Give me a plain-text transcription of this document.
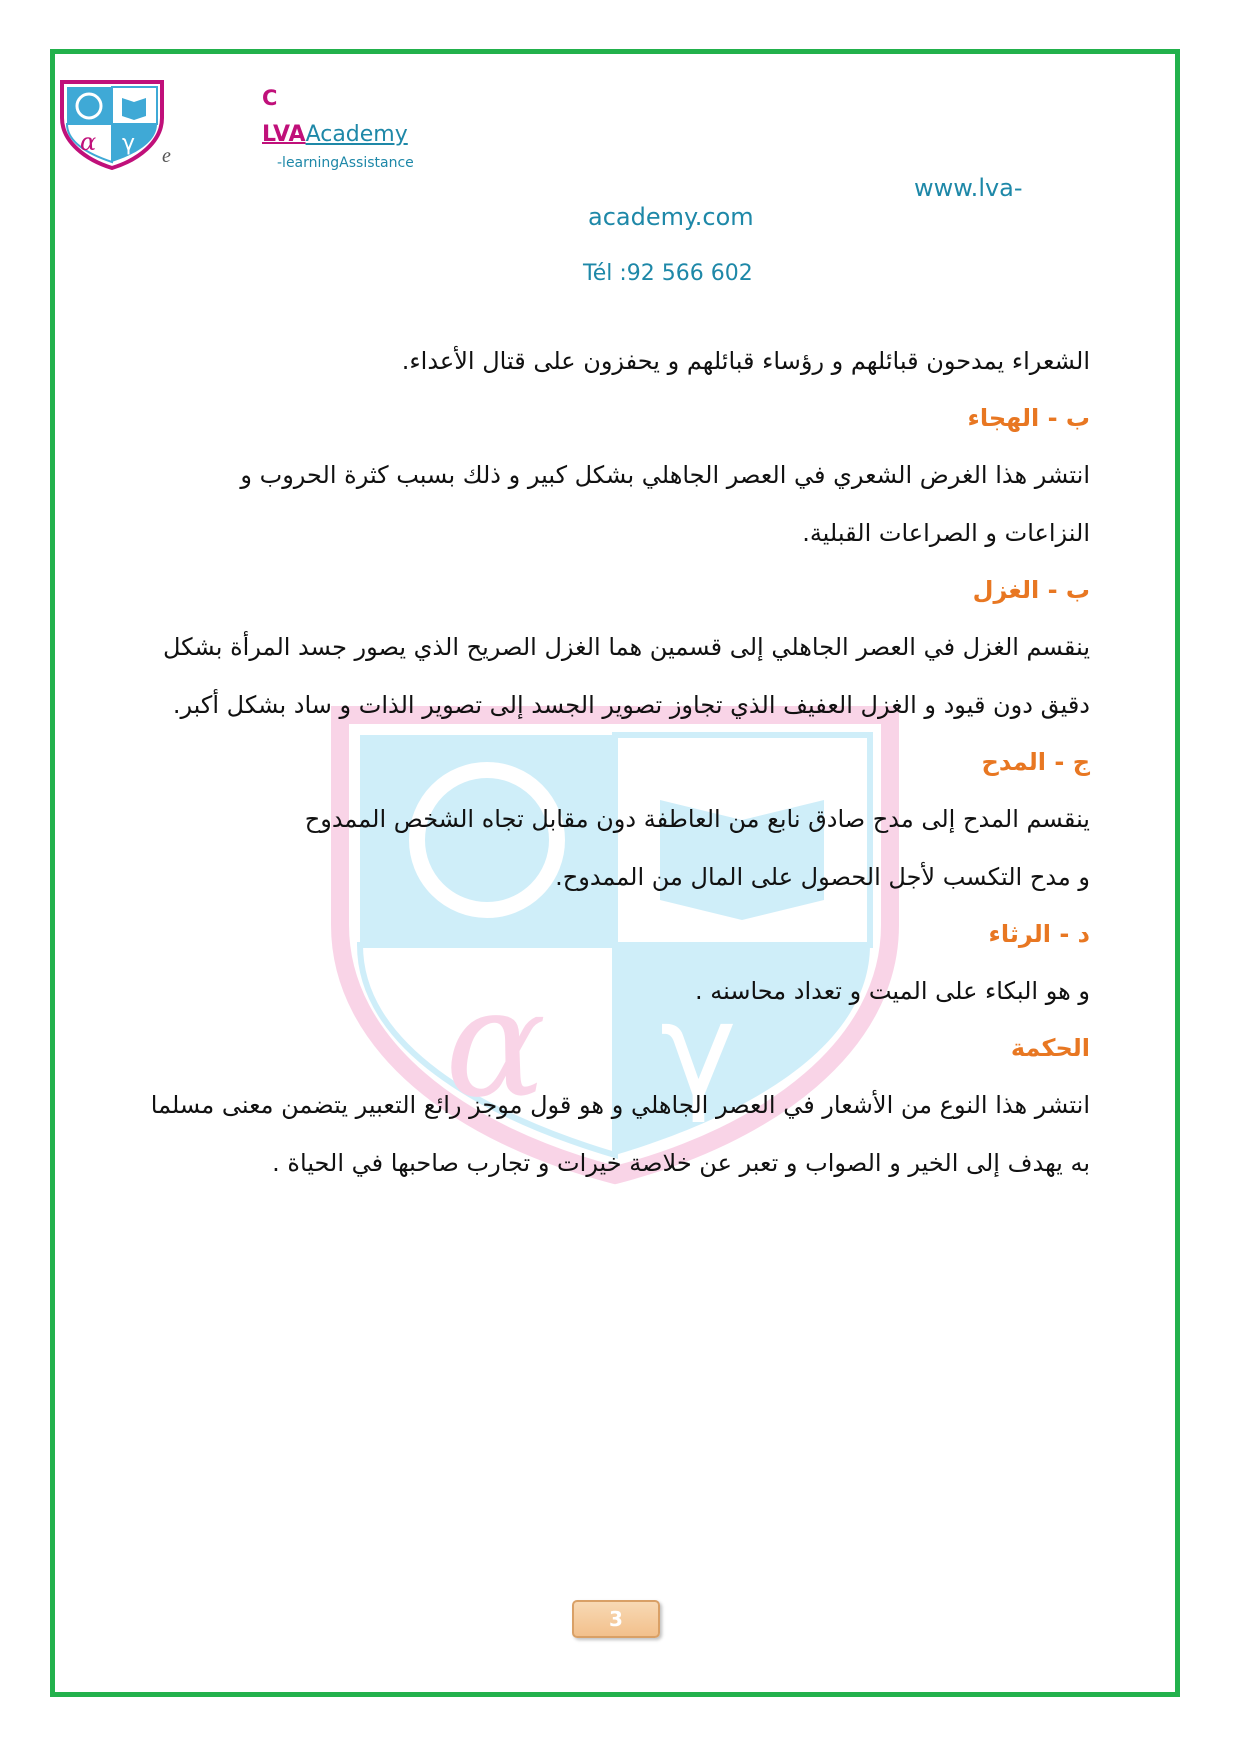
α γ e
C
LVAAcademy
-learningAssistance
www.lva-
academy.com
Tél :92 566 602
α γ

الشعراء يمدحون قبائلهم و رؤساء قبائلهم و يحفزون على قتال الأعداء.

ب - الهجاء

انتشر هذا الغرض الشعري في العصر الجاهلي بشكل كبير و ذلك بسبب كثرة الحروب و النزاعات و الصراعات القبلية.

ب - الغزل

ينقسم الغزل في العصر الجاهلي إلى قسمين هما الغزل الصريح الذي يصور جسد المرأة بشكل دقيق دون قيود و الغزل العفيف الذي تجاوز تصوير الجسد إلى تصوير الذات و ساد بشكل أكبر.

ج - المدح

ينقسم المدح إلى مدح صادق نابع من العاطفة دون مقابل تجاه الشخص الممدوح

و مدح التكسب لأجل الحصول على المال من الممدوح.

د - الرثاء

و هو البكاء على الميت و تعداد محاسنه .

الحكمة

انتشر هذا النوع من الأشعار في العصر الجاهلي و هو قول موجز رائع التعبير يتضمن معنى مسلما به يهدف إلى الخير و الصواب و تعبر عن خلاصة خيرات و تجارب صاحبها في الحياة .

3
